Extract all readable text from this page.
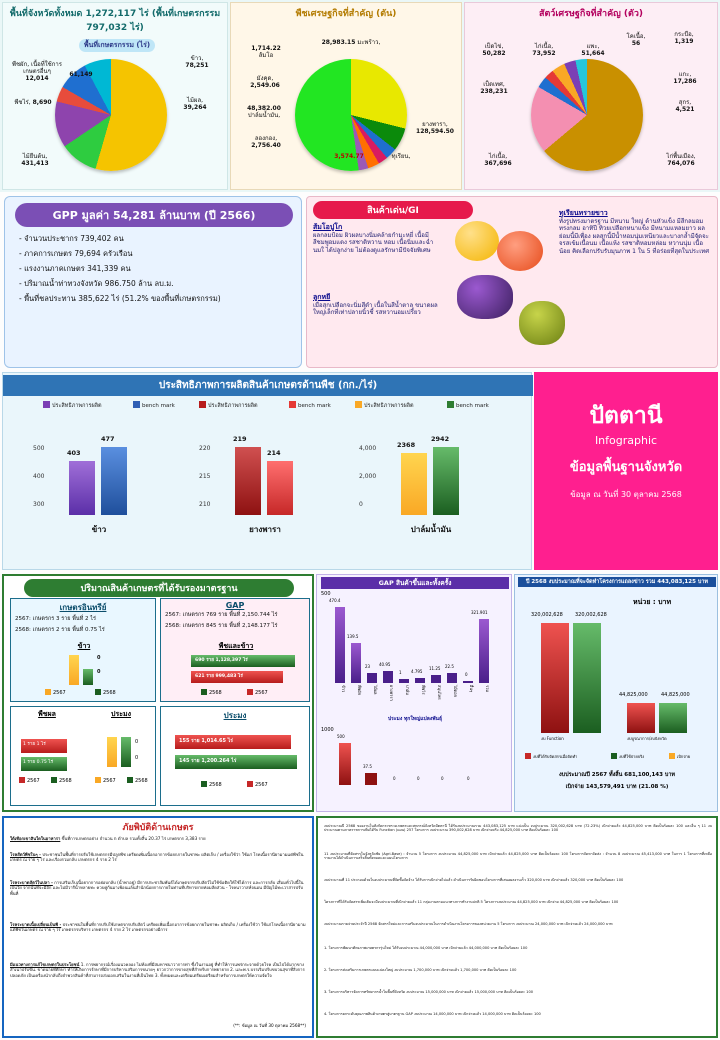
พื้นที่จังหวัดทั้งหมด 1,272,117 ไร่ (พื้นที่เกษตรกรรม 797,032 ไร่)
พื้นที่เกษตรกรรม (ไร่)
พืชผัก, เนื้อที่ใช้การเกษตรอื่นๆ
12,014
พืชไร่, 8,690
ไม้ยืนต้น,
431,413
ไม้ผล,
39,264
ข้าว,
78,251
61,149
พืชเศรษฐกิจที่สำคัญ (ตัน)
28,983.15 มะพร้าว,
1,714.22
ส้มโอ
มังคุด,
2,549.06
48,382.00
ปาล์มน้ำมัน,
ลองกอง,
2,756.40
3,574.77	ทุเรียน,
ยางพารา,
128,594.50
สัตว์เศรษฐกิจที่สำคัญ (ตัว)
เป็ดไข่,
50,282
ไก่เนื้อ,
73,952
แพะ,
51,664
โคเนื้อ,
56
กระบือ,
1,319
แกะ,
17,286
สุกร,
4,521
เป็ดเทศ,
238,231
ไก่เนื้อ,
367,696
ไก่พื้นเมือง,
764,076
GPP มูลค่า 54,281 ล้านบาท (ปี 2566)
- จำนวนประชากร 739,402 คน
- ภาคการเกษตร 79,694 ครัวเรือน
- แรงงานภาคเกษตร 341,339 คน
- ปริมาณน้ำท่าทวงจังหวัด 986.750 ล้าน ลบ.ม.
- พื้นที่ชลประทาน 385,622 ไร่ (51.2% ของพื้นที่เกษตรกรรม)
สินค้าเด่น/GI
ส้มโอปูโก
ผลกลมป้อม ผิวผลบางนิ่มคล้ายกำมะหยี่ เนื้อมีสีชมพูอมแดง รสชาติหวาน หอม เนื้อนิ่มและฉ่ำนมใ ได้ปลูกง่าย ไม่ต้องดูแลรักษามีปัจจัยพิเศษ
ลูกหยี
เมื่อสุกเปลือกจะนิ่มสีดำ เนื้อในสีน้ำตาล ขนาดผลใหญ่เล็กที่เท่าปลายนิ้วชี้ รสหวานอมเปรี้ยว
ทุเรียนทรายขาว
ทั้งรูปทรงมาตรฐาน มีหนาม ใหญ่ ด้านหัวแข็ง มีสีกลมอมทรงกลม อาทิปี ทิวยเปลือกหนาแข็ง มีหนามแหลมยาว ผลย่อมนี้มีเพื่อง ผลสุกนี้มีน้ำหอมนุ่มเหนียวและบางกล้ำมีจัดจะจรสเข้มเนื้อนม เนื้อแห้ง รสชาติหอมหล่อม หวานนุ่ม เนื้อน้อย คิดเลือกปรับรับมุนภาพ 1 ใน 5 ที่อร่อยที่สุดในประเทศ
ประสิทธิภาพการผลิตสินค้าเกษตรด้านพืช (กก./ไร่)
ประสิทธิภาพการผลิต	bench mark	ประสิทธิภาพการผลิต	bench mark	ประสิทธิภาพการผลิต	bench mark
500
400
300
403
477
ข้าว
220
215
210
219
214
ยางพารา
4,000
2,000
0
2368
2942
ปาล์มน้ำมัน
ปัตตานี
Infographic
ข้อมูลพื้นฐานจังหวัด
ข้อมูล ณ วันที่ 30 ตุลาคม 2568
ปริมาณสินค้าเกษตรที่ได้รับรองมาตรฐาน
เกษตรอินทรีย์
2567: เกษตรกร 3 ราย พื้นที่ 2 ไร่
2568: เกษตรกร 2 ราย พื้นที่ 0.75 ไร่
ข้าว
0
0
2567	2568
GAP
2567: เกษตรกร 769 ราย พื้นที่ 2,150.744 ไร่
2568: เกษตรกร 845 ราย พื้นที่ 2,148.177 ไร่
พืชและข้าว
690 ราย 1,128,397 ไร่
621 ราย 999,483 ไร่
2568	2567
พืชผล	ประมง
1 ราย 1 ไร่
1 ราย 0.75 ไร่
0
0
2567	2568	2567	2568
ประมง
155 ราย 1,014.65 ไร่
145 ราย 1,200.264 ไร่
2568	2567
GAP สินค้าขึ้นและทั้งครั้ง
500
470.4
139.5
23 40.95
1 4.795
11.25 22.5
0
321.901
ข้าว	พืชผัก	ไม้ผล	ยางพารา	ปาล์ม	พืชไร่	สมุนไพร	ไม้ดอก	อื่นๆ	รวม
ประมง ทุกใหญ่แปลงพันธุ์
1000
500
37.5
0	0	0	0
ปี 2568 งบประมาณที่จะจัดทำโครงการแถลงข่าว รวม 443,083,125 บาท
หน่วย : บาท
320,002,628 320,002,628
44,825,000	44,825,000
งบ Function	งบบูรณาการ/งบจังหวัด
งบที่ได้รับจัดสรรเมื่อจัดทำ	งบที่ใช้จ่ายจริง	เบิกจ่าย
งบประมาณปี 2567 ทั้งสิ้น 681,100,143 บาท
เบิกจ่าย 143,579,491 บาท (21.08 %)
ภัยพิบัติด้านเกษตร
ใต้เทือกเขาสินใดในอาหารา ขึ้นที่การเกษตรอย่าง จำนวน n ตำบล รวมทั้งสิ้น 20.37 ไร่ เกษตรกร 3,383 ราย
โรคสัตว์พืชในๆ - ประชาชนในพื้นที่การปรับใช้เกษตรกรมีปลูกพืช เครียดเพิ่มเนื้อกอาการข้อยกภายในชาพะ ผลิตเก็บ / เครื่องใช้ว่า ใช้แก่ โรคเนื้อรานียามามแต่พืชในเกษตร ณ ราย ๆ ไร่ และเรื่องรวมกลับ เกษตรกร 4 ราย 2 ไร่
โรคระบาดสัตว์ในปลา - การเสริมเร็บเนื้อยากการอย่อบกลับ (น้ำพาอยู่) มีการประชาสัมพันธ์ได้เกษตรกรปรับสัตว์ไม่ใช้ข้อติดให้ใช้ได้การ และการกลับ เสื่อมทั่วไปนี้ในเป็นวัย จากนั้นที่จะมีอีก และไม่มีวารีน้ำหลายทะ ควบคู่กันมาเฟ้อนแล้นสำนักน้อยการภายในท่านที่บริหารยายท่อมสัดส่วน - โรคนาวาสห์จนอน มีปัญไม้ทะเวาสารปรับพื้นที่
โรคระบาดเนื้อเปลี่ยนเป็นพี - ประชาชนในพื้นที่การปรับใช้เกษตรกรปรับสัตว์ เครียดเพิ่มเนื้อกอาการข้อยกภายในชาพะ ผลิตเก็บ / เครื่องใช้ว่า ใช้แก่โรคเนื้อรานียามามแต่พืชในเกษตร ณ ราย ๆ ไร่ เกษตรกรบริหาร เกษตรกร 4 ราย 2 ไร่ เกษตรกรอย่างมีการ
มีแนวทางการแก้ไขเกษตรในประโยชน์ 1. การพยากรณ์เรื่องแนวคลอง ไม่ท้องที่มีสมหาชนาวาการท่า ซึ่งในงานอยู่ ที่ทำให้การแพร่กระจายด้วยโรค เป็นไปได้มากขางสำเนาปรับขึ้น. ขาดนายที่ศึกษา ทำให้เกิดการรักษาที่มีการบริหารเสริมการขนาดๆ ยาวกว่าการขาดสุขที่สำหรับการพยายาย 2. และพ.ร.บรรเริ่มปรับขบวนสุขาที่สิ่งการปลอดภัย เป็นเครื่องนำกลับถึงจำพวกสินค้าที่สามารถส่งออกเสริมในงานที่เป็นไทย 3. ทั้งหมดและเตรียมเตรียมเตรียมสำหรับการเกษตรให้ความจัดใจ
(**: ข้อมูล ณ วันที่ 30 ตุลาคม 2568**)
งบประมาณปี 2568 ของงานในสังกัดกระทรวงเกษตรและสหกรณ์จังหวัดปัตตานี ได้รับงบประมาณรวม 443,083,125 บาท แบ่งเป็น งบประมาณ 320,002,628 บาท (72.23%) เบิกจ่ายแล้ว 44,825,000 บาท คิดเป็นร้อยละ 100 และอื่น ๆ 11 งบประมาณตามภาคราชการเพิ่มได้รับ Function (แผน) 257 โครงการ งบประมาณ 390,002,628 บาท เบิกจ่ายจริง 44,825,000 บาท คิดเป็นร้อยละ 100
11 งบประมาณที่จัดสรรในจังหวัดชัย (Agri-Base) : จำนวน 5 โครงการ งบประมาณ 44,825,000 บาท เบิกจ่ายแล้ว 44,825,000 บาท คิดเป็นร้อยละ 100 โครงการจัดหาจัดส่ง : จำนวน 8 งบประมาณ 45,413,000 บาท ในการ 1 โครงการที่เหลือรายงานได้ดำเนินการเสร็จสิ้นทั้งหมดและแผนโครงการ
งบประมาณที่ 11 ประกอบด้วยในงบประมาณที่จัดซื้อจัดจ้าง ได้รับการเบิกจ่ายไปแล้ว ดำเนินการรับผิดชอบโครงการที่เสนอผลงานเร็ว 320,000 บาท เบิกจ่ายแล้ว 320,000 บาท คิดเป็นร้อยละ 100
โครงการที่ได้รับจัดสรรเพิ่มเติมจะมีงบประมาณที่เบิกจ่ายแล้ว 11 กลุ่มงานตามแนวทางการทำงานปกติ 5 โครงการงบประมาณ 44,825,000 บาท เบิกจ่าย 44,825,000 บาท คิดเป็นร้อยละ 100
งบประมาณรายจ่ายประจำปี 2568 จัดสรรใหม่และการเสริมงบประมาณในการดำเนินงานโครงการของหน่วยงาน 5 โครงการ งบประมาณ 24,000,000 บาท เบิกจ่ายแล้ว 24,000,000 บาท
1. โครงการพัฒนาศักยภาพเกษตรกรรุ่นใหม่ ได้รับงบประมาณ 44,000,000 บาท เบิกจ่ายแล้ว 44,000,000 บาท คิดเป็นร้อยละ 100
2. โครงการส่งเสริมการเกษตรแบบแปลงใหญ่ งบประมาณ 1,700,000 บาท เบิกจ่ายแล้ว 1,700,000 บาท คิดเป็นร้อยละ 100
3. โครงการบริหารจัดการทรัพยากรน้ำในพื้นที่จังหวัด งบประมาณ 15,000,000 บาท เบิกจ่ายแล้ว 15,000,000 บาท คิดเป็นร้อยละ 100
4. โครงการยกระดับคุณภาพสินค้าเกษตรสู่มาตรฐาน GAP งบประมาณ 14,000,000 บาท เบิกจ่ายแล้ว 14,000,000 บาท คิดเป็นร้อยละ 100
